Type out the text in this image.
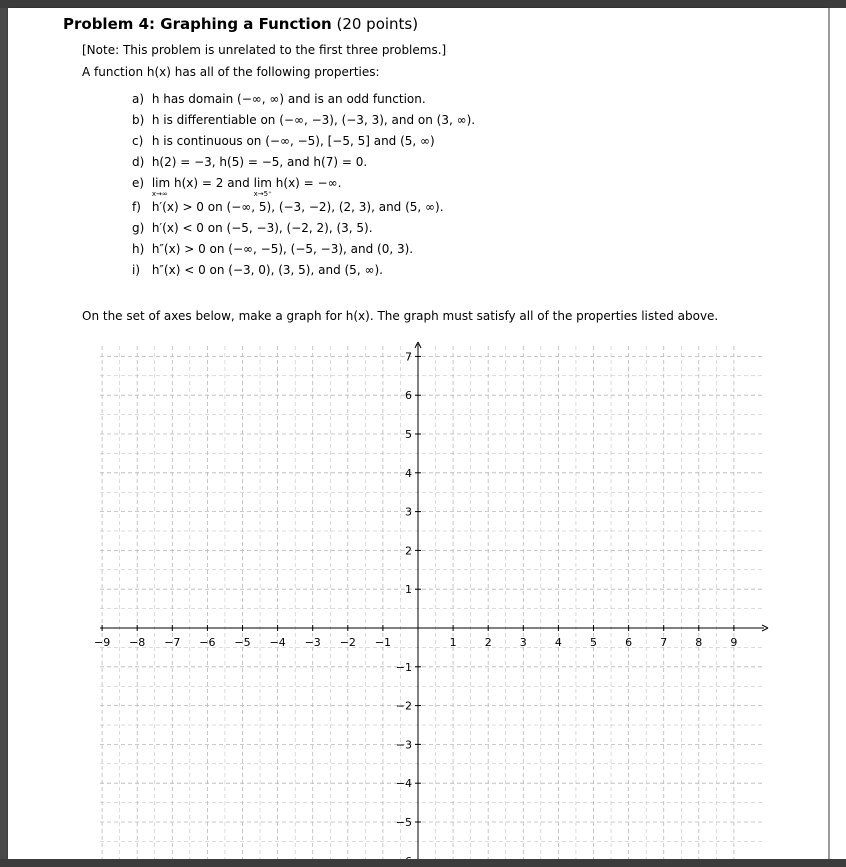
Problem 4: Graphing a Function (20 points)
[Note: This problem is unrelated to the first three problems.]
A function h(x) has all of the following properties:
a) h has domain (−∞, ∞) and is an odd function.
b) h is differentiable on (−∞, −3), (−3, 3), and on (3, ∞).
c) h is continuous on (−∞, −5), [−5, 5] and (5, ∞)
d) h(2) = −3, h(5) = −5, and h(7) = 0.
e) lim
x→∞
h(x) = 2 and lim
x→5⁺
h(x) = −∞.
f) h′(x) > 0 on (−∞, 5), (−3, −2), (2, 3), and (5, ∞).
g) h′(x) < 0 on (−5, −3), (−2, 2), (3, 5).
h) h″(x) > 0 on (−∞, −5), (−5, −3), and (0, 3).
i) h″(x) < 0 on (−3, 0), (3, 5), and (5, ∞).
On the set of axes below, make a graph for h(x). The graph must satisfy all of the properties listed above.
−9 −8 −7 −6 −5 −4 −3 −2 −1	1	2	3	4	5	6	7	8	9
1
2
3
4
5
6
7
−1
−2
−3
−4
−5
